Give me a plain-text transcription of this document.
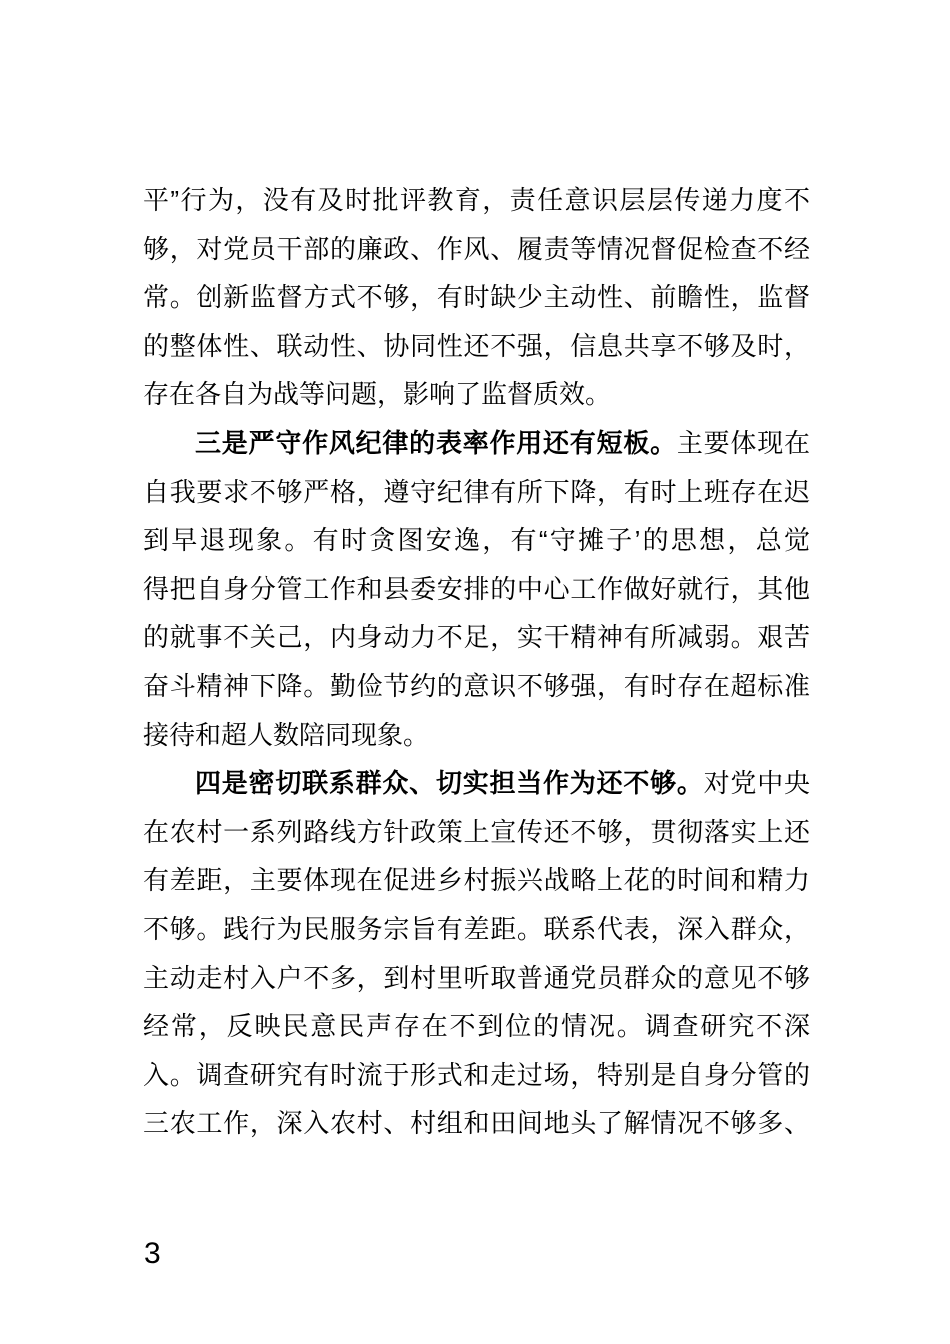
平”行为，没有及时批评教育，责任意识层层传递力度不
够，对党员干部的廉政、作风、履责等情况督促检查不经
常。创新监督方式不够，有时缺少主动性、前瞻性，监督
的整体性、联动性、协同性还不强，信息共享不够及时，
存在各自为战等问题，影响了监督质效。
三是严守作风纪律的表率作用还有短板。主要体现在
自我要求不够严格，遵守纪律有所下降，有时上班存在迟
到早退现象。有时贪图安逸，有“守摊子’的思想，总觉
得把自身分管工作和县委安排的中心工作做好就行，其他
的就事不关己，内身动力不足，实干精神有所减弱。艰苦
奋斗精神下降。勤俭节约的意识不够强，有时存在超标准
接待和超人数陪同现象。
四是密切联系群众、切实担当作为还不够。对党中央
在农村一系列路线方针政策上宣传还不够，贯彻落实上还
有差距，主要体现在促进乡村振兴战略上花的时间和精力
不够。践行为民服务宗旨有差距。联系代表，深入群众，
主动走村入户不多，到村里听取普通党员群众的意见不够
经常，反映民意民声存在不到位的情况。调查研究不深
入。调查研究有时流于形式和走过场，特别是自身分管的
三农工作，深入农村、村组和田间地头了解情况不够多、
3
